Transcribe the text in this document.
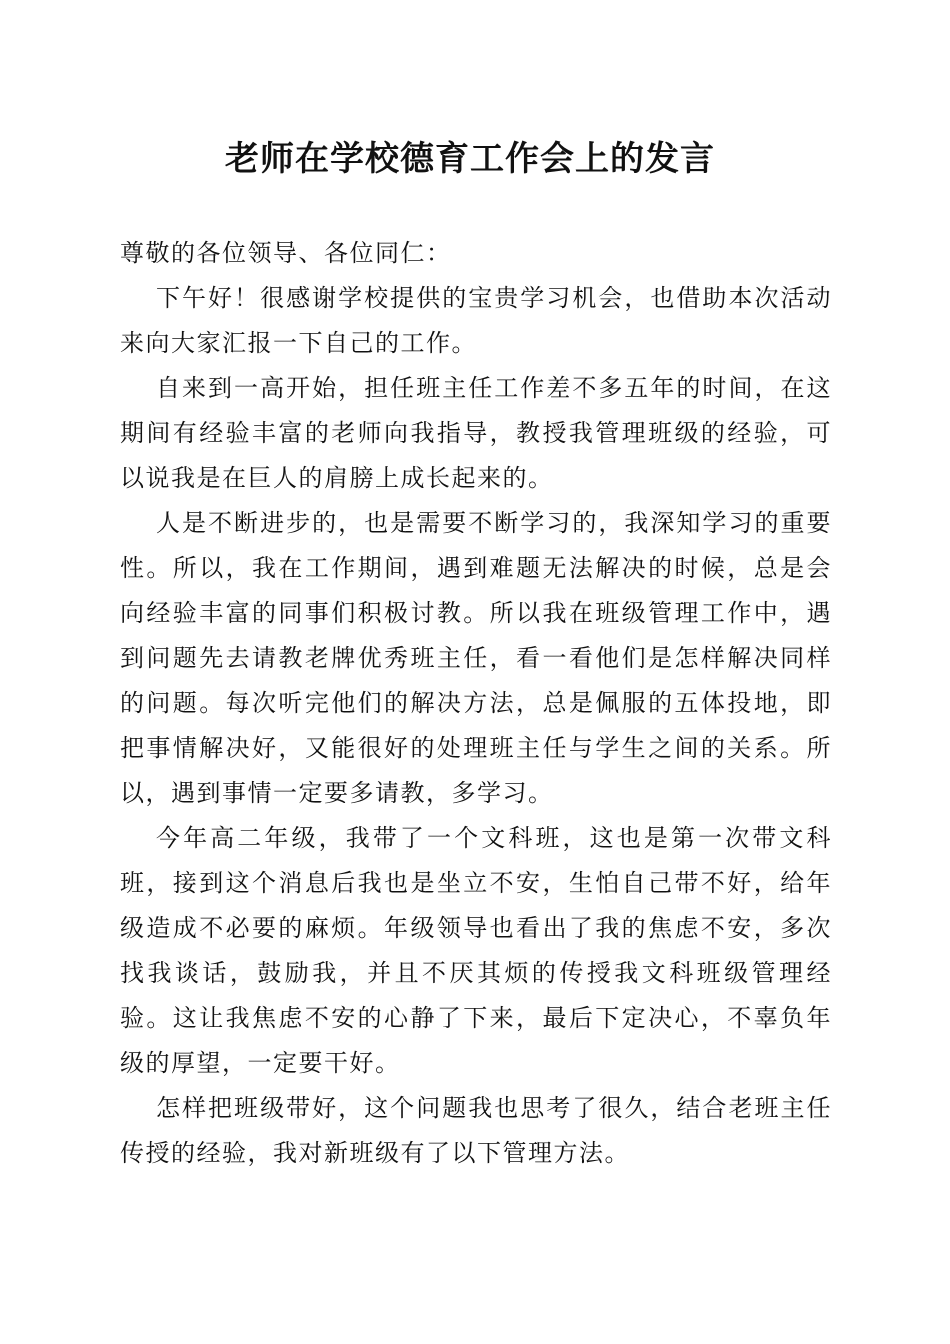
老师在学校德育工作会上的发言

尊敬的各位领导、各位同仁：

下午好！很感谢学校提供的宝贵学习机会，也借助本次活动来向大家汇报一下自己的工作。

自来到一高开始，担任班主任工作差不多五年的时间，在这期间有经验丰富的老师向我指导，教授我管理班级的经验，可以说我是在巨人的肩膀上成长起来的。

人是不断进步的，也是需要不断学习的，我深知学习的重要性。所以，我在工作期间，遇到难题无法解决的时候，总是会向经验丰富的同事们积极讨教。所以我在班级管理工作中，遇到问题先去请教老牌优秀班主任，看一看他们是怎样解决同样的问题。每次听完他们的解决方法，总是佩服的五体投地，即把事情解决好，又能很好的处理班主任与学生之间的关系。所以，遇到事情一定要多请教，多学习。

今年高二年级，我带了一个文科班，这也是第一次带文科班，接到这个消息后我也是坐立不安，生怕自己带不好，给年级造成不必要的麻烦。年级领导也看出了我的焦虑不安，多次找我谈话，鼓励我，并且不厌其烦的传授我文科班级管理经验。这让我焦虑不安的心静了下来，最后下定决心，不辜负年级的厚望，一定要干好。

怎样把班级带好，这个问题我也思考了很久，结合老班主任传授的经验，我对新班级有了以下管理方法。
